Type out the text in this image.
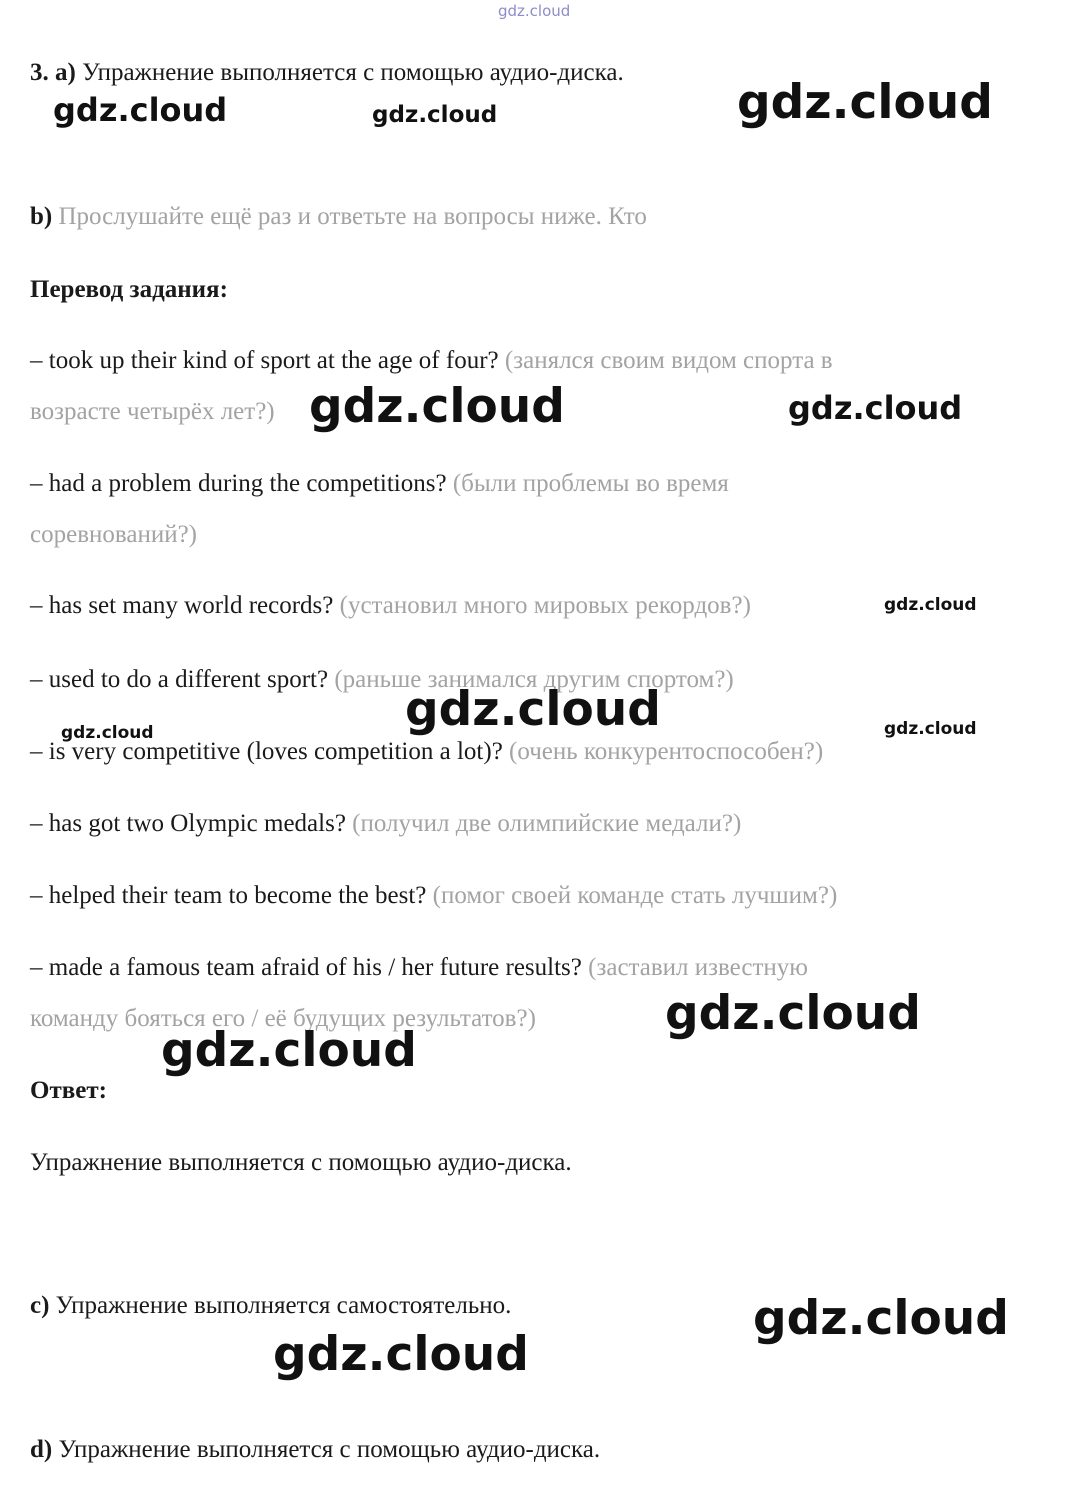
gdz.cloud
3. а) Упражнение выполняется с помощью аудио-диска.
b) Прослушайте ещё раз и ответьте на вопросы ниже. Кто
Перевод задания:
– took up their kind of sport at the age of four? (занялся своим видом спорта в
возрасте четырёх лет?)
– had a problem during the competitions? (были проблемы во время
соревнований?)
– has set many world records? (установил много мировых рекордов?)
– used to do a different sport? (раньше занимался другим спортом?)
– is very competitive (loves competition a lot)? (очень конкурентоспособен?)
– has got two Olympic medals? (получил две олимпийские медали?)
– helped their team to become the best? (помог своей команде стать лучшим?)
– made a famous team afraid of his / her future results? (заставил известную
команду бояться его / её будущих результатов?)
Ответ:
Упражнение выполняется с помощью аудио-диска.
c) Упражнение выполняется самостоятельно.
d) Упражнение выполняется с помощью аудио-диска.
gdz.cloud	gdz.cloud	gdz.cloud
gdz.cloud	gdz.cloud
gdz.cloud
gdz.cloud
gdz.cloud	gdz.cloud
gdz.cloud
gdz.cloud
gdz.cloud
gdz.cloud
